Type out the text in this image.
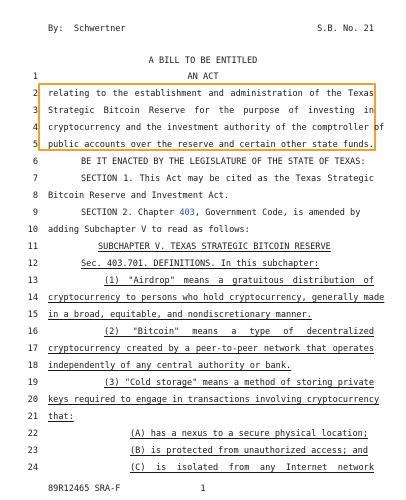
By:  Schwertner	S.B. No. 21
A BILL TO BE ENTITLED
1	AN ACT
2 relating to the establishment and administration of the Texas
3 Strategic Bitcoin Reserve for the purpose of investing in
4 cryptocurrency and the investment authority of the comptroller of
5 public accounts over the reserve and certain other state funds.
6	BE IT ENACTED BY THE LEGISLATURE OF THE STATE OF TEXAS:
7	SECTION 1. This Act may be cited as the Texas Strategic
8 Bitcoin Reserve and Investment Act.
9	SECTION 2. Chapter 403, Government Code, is amended by
10 adding Subchapter V to read as follows:
11	SUBCHAPTER V. TEXAS STRATEGIC BITCOIN RESERVE
12	Sec. 403.701. DEFINITIONS. In this subchapter:
13	(1) "Airdrop" means a gratuitous distribution of
14 cryptocurrency to persons who hold cryptocurrency, generally made
15 in a broad, equitable, and nondiscretionary manner.
16	(2) "Bitcoin" means a type of decentralized
17 cryptocurrency created by a peer-to-peer network that operates
18 independently of any central authority or bank.
19	(3) "Cold storage" means a method of storing private
20 keys required to engage in transactions involving cryptocurrency
21 that:
22	(A) has a nexus to a secure physical location;
23	(B) is protected from unauthorized access; and
24	(C) is isolated from any Internet network
89R12465 SRA-F	1
